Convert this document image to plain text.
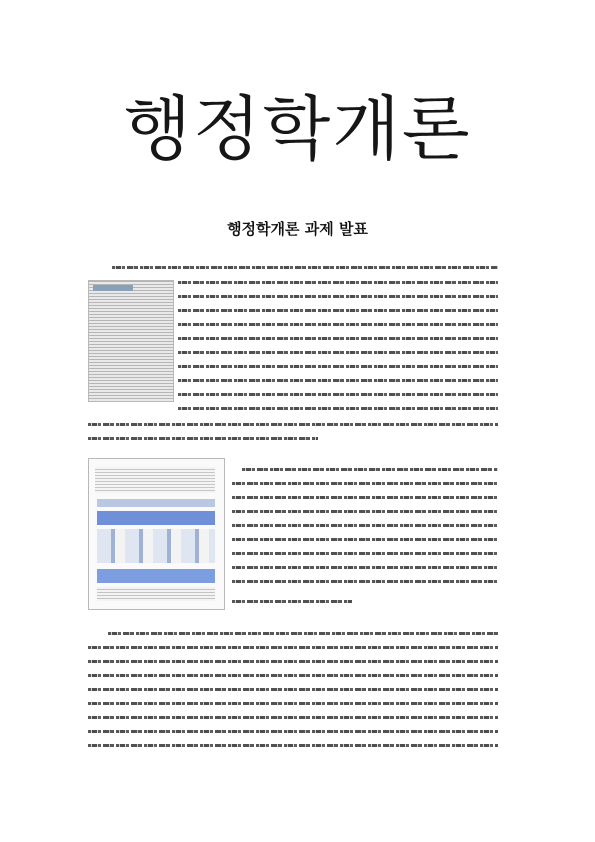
행정학개론
행정학개론 과제 발표
